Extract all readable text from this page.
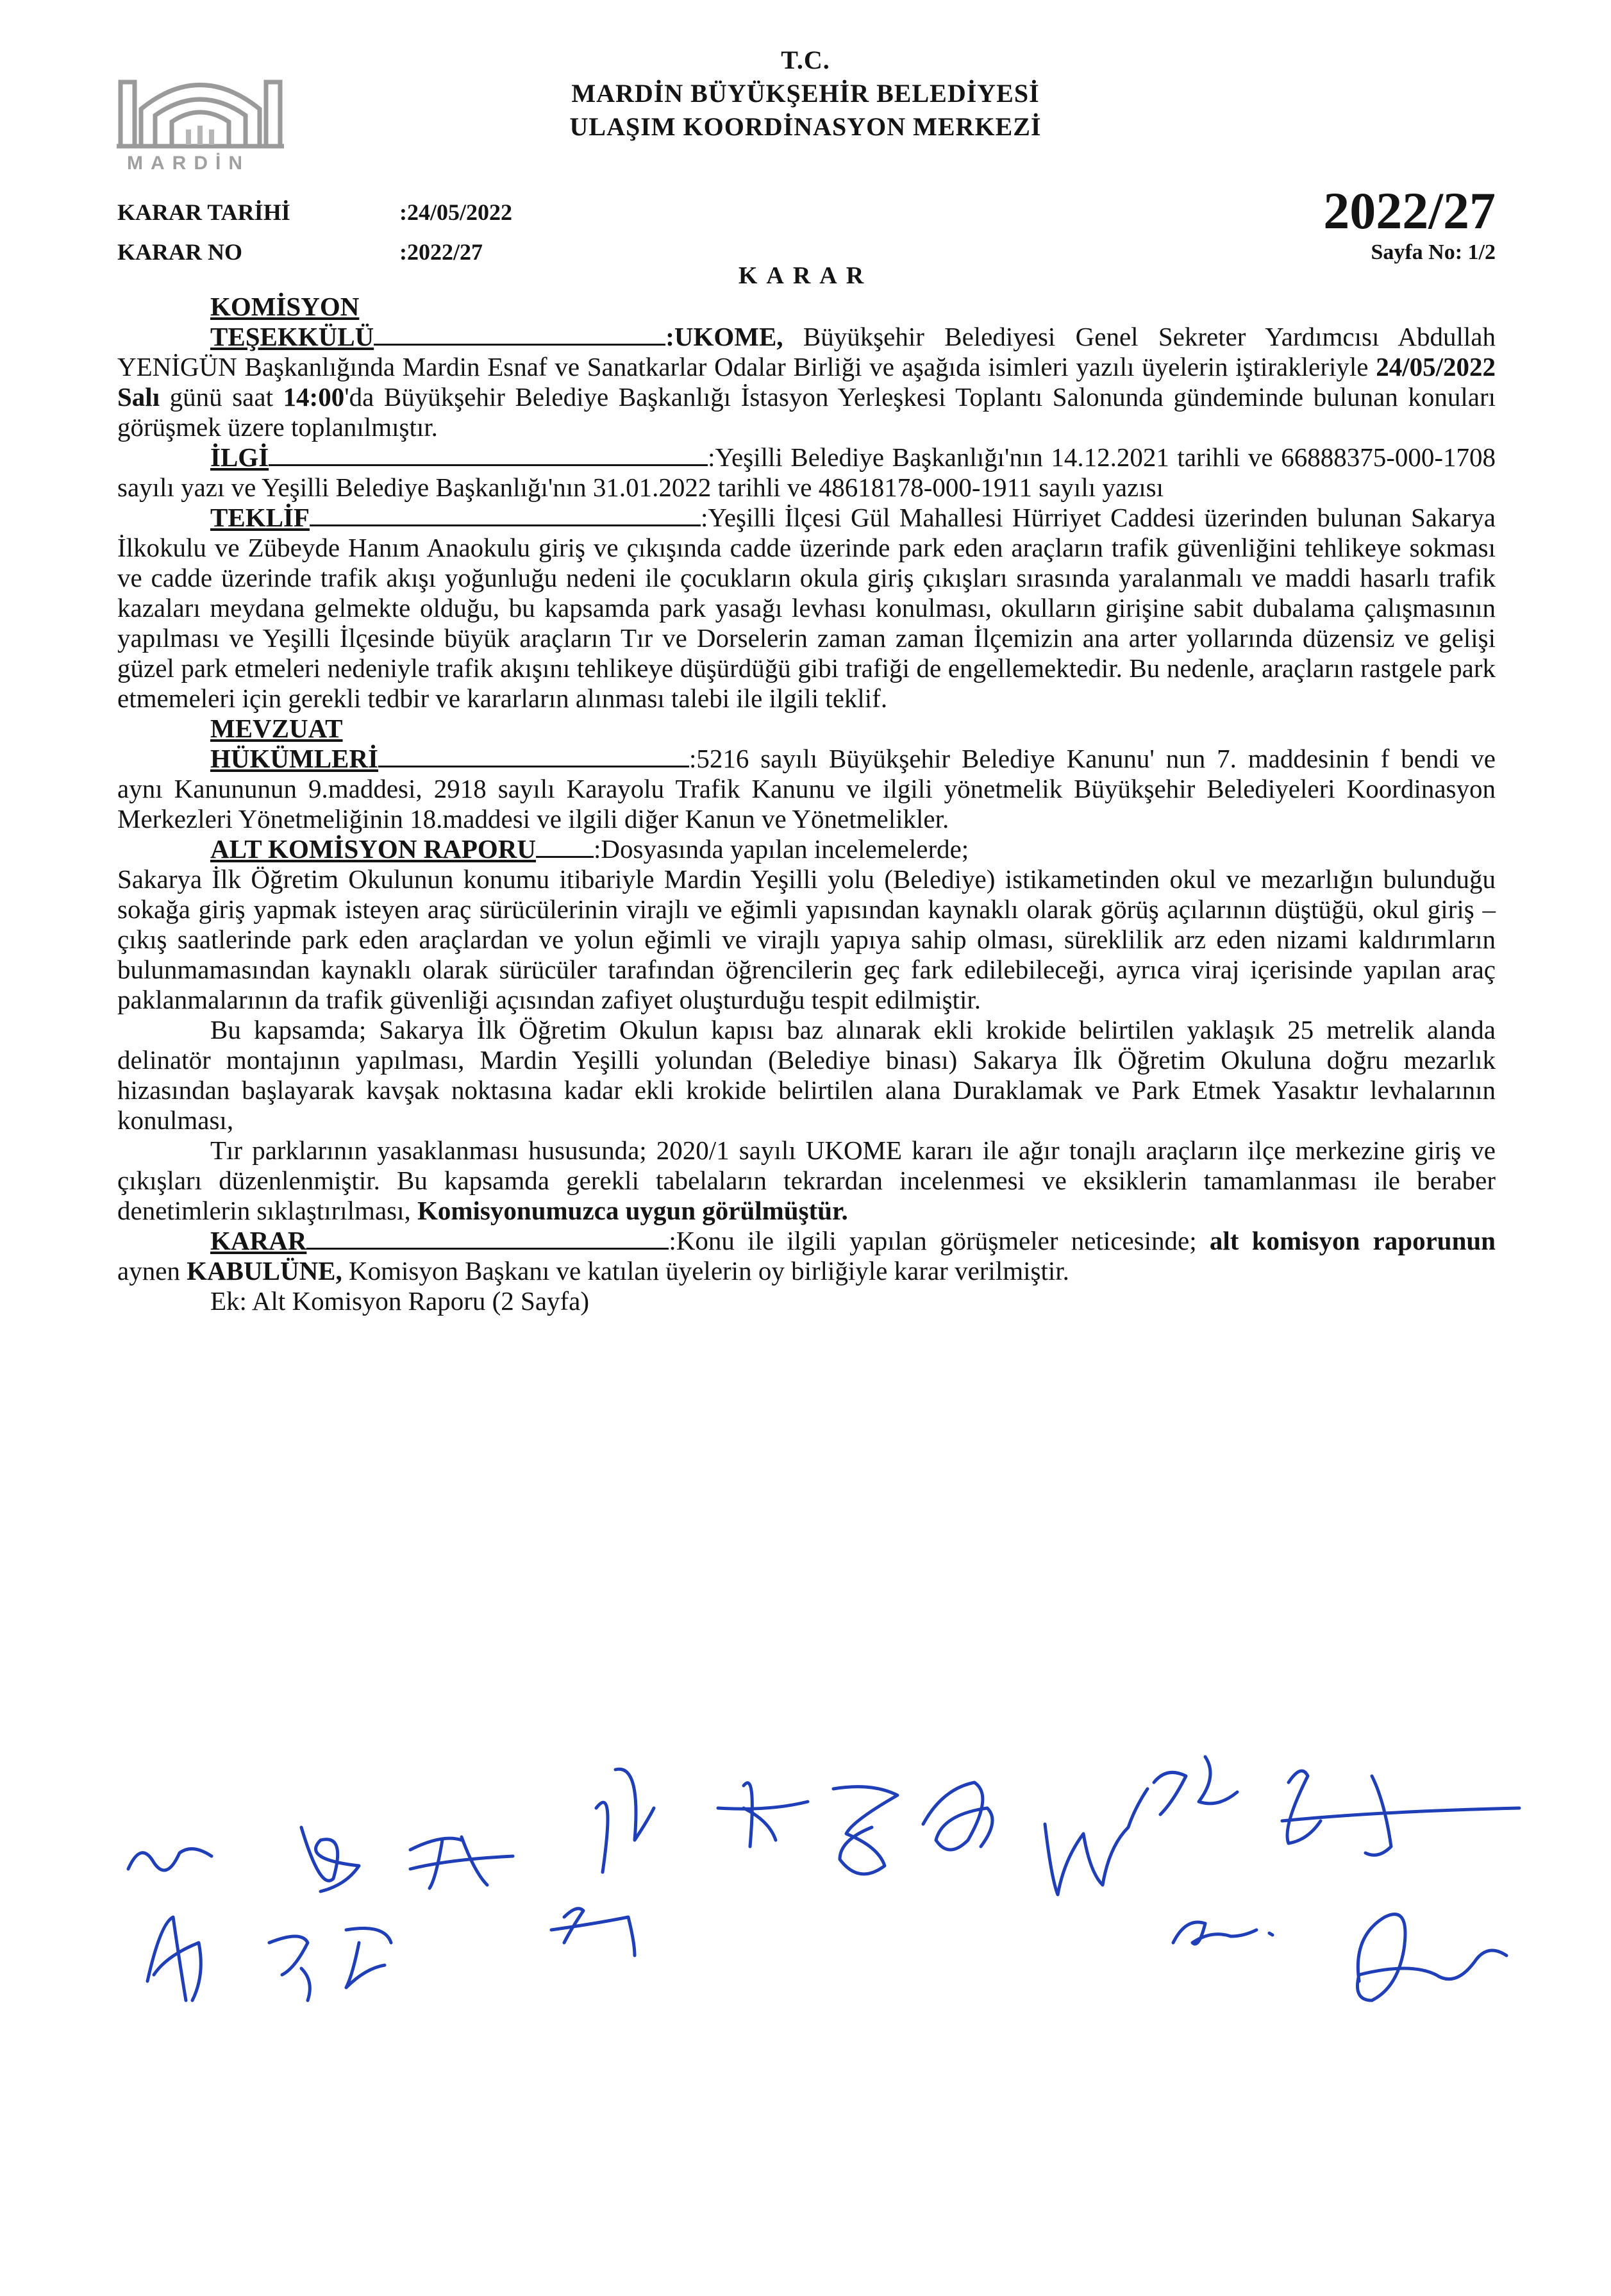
MARDİN
T.C.
MARDİN BÜYÜKŞEHİR BELEDİYESİ
ULAŞIM KOORDİNASYON MERKEZİ
KARAR TARİHİ	:24/05/2022
KARAR NO	:2022/27
2022/27
Sayfa No: 1/2
KARAR
KOMİSYON

TEŞEKKÜLÜ	:UKOME, Büyükşehir Belediyesi Genel Sekreter Yardımcısı Abdullah YENİGÜN Başkanlığında Mardin Esnaf ve Sanatkarlar Odalar Birliği ve aşağıda isimleri yazılı üyelerin iştirakleriyle 24/05/2022 Salı günü saat 14:00'da Büyükşehir Belediye Başkanlığı İstasyon Yerleşkesi Toplantı Salonunda gündeminde bulunan konuları görüşmek üzere toplanılmıştır.

İLGİ	:Yeşilli Belediye Başkanlığı'nın 14.12.2021 tarihli ve 66888375-000-1708 sayılı yazı ve Yeşilli Belediye Başkanlığı'nın 31.01.2022 tarihli ve 48618178-000-1911 sayılı yazısı

TEKLİF	:Yeşilli İlçesi Gül Mahallesi Hürriyet Caddesi üzerinden bulunan Sakarya İlkokulu ve Zübeyde Hanım Anaokulu giriş ve çıkışında cadde üzerinde park eden araçların trafik güvenliğini tehlikeye sokması ve cadde üzerinde trafik akışı yoğunluğu nedeni ile çocukların okula giriş çıkışları sırasında yaralanmalı ve maddi hasarlı trafik kazaları meydana gelmekte olduğu, bu kapsamda park yasağı levhası konulması, okulların girişine sabit dubalama çalışmasının yapılması ve Yeşilli İlçesinde büyük araçların Tır ve Dorselerin zaman zaman İlçemizin ana arter yollarında düzensiz ve gelişi güzel park etmeleri nedeniyle trafik akışını tehlikeye düşürdüğü gibi trafiği de engellemektedir. Bu nedenle, araçların rastgele park etmemeleri için gerekli tedbir ve kararların alınması talebi ile ilgili teklif.

MEVZUAT

HÜKÜMLERİ	:5216 sayılı Büyükşehir Belediye Kanunu' nun 7. maddesinin f bendi ve aynı Kanununun 9.maddesi, 2918 sayılı Karayolu Trafik Kanunu ve ilgili yönetmelik Büyükşehir Belediyeleri Koordinasyon Merkezleri Yönetmeliğinin 18.maddesi ve ilgili diğer Kanun ve Yönetmelikler.

ALT KOMİSYON RAPORU :Dosyasında yapılan incelemelerde;

Sakarya İlk Öğretim Okulunun konumu itibariyle Mardin Yeşilli yolu (Belediye) istikametinden okul ve mezarlığın bulunduğu sokağa giriş yapmak isteyen araç sürücülerinin virajlı ve eğimli yapısından kaynaklı olarak görüş açılarının düştüğü, okul giriş – çıkış saatlerinde park eden araçlardan ve yolun eğimli ve virajlı yapıya sahip olması, süreklilik arz eden nizami kaldırımların bulunmamasından kaynaklı olarak sürücüler tarafından öğrencilerin geç fark edilebileceği, ayrıca viraj içerisinde yapılan araç paklanmalarının da trafik güvenliği açısından zafiyet oluşturduğu tespit edilmiştir.

Bu kapsamda; Sakarya İlk Öğretim Okulun kapısı baz alınarak ekli krokide belirtilen yaklaşık 25 metrelik alanda delinatör montajının yapılması, Mardin Yeşilli yolundan (Belediye binası) Sakarya İlk Öğretim Okuluna doğru mezarlık hizasından başlayarak kavşak noktasına kadar ekli krokide belirtilen alana Duraklamak ve Park Etmek Yasaktır levhalarının konulması,

Tır parklarının yasaklanması hususunda; 2020/1 sayılı UKOME kararı ile ağır tonajlı araçların ilçe merkezine giriş ve çıkışları düzenlenmiştir. Bu kapsamda gerekli tabelaların tekrardan incelenmesi ve eksiklerin tamamlanması ile beraber denetimlerin sıklaştırılması, Komisyonumuzca uygun görülmüştür.

KARAR	:Konu ile ilgili yapılan görüşmeler neticesinde; alt komisyon raporunun aynen KABULÜNE, Komisyon Başkanı ve katılan üyelerin oy birliğiyle karar verilmiştir.

Ek: Alt Komisyon Raporu (2 Sayfa)
